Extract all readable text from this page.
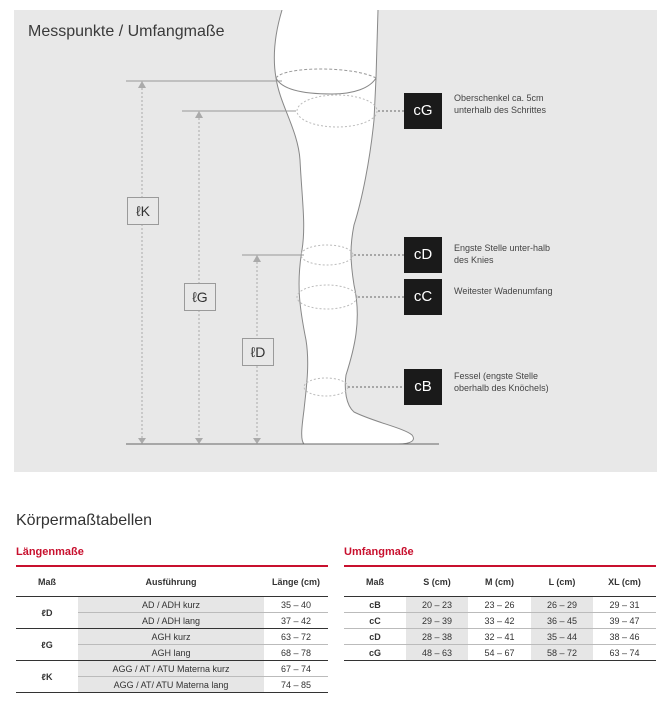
Messpunkte / Umfangmaße
ℓK
ℓG
ℓD
cG
Oberschenkel ca. 5cm unterhalb des Schrittes
cD	Engste Stelle unter-halb des Knies
cC	Weitester Wadenumfang
cB
Fessel (engste Stelle oberhalb des Knöchels)
Körpermaßtabellen
Längenmaße
Maß	Ausführung	Länge (cm)
ℓD	AD / ADH kurz	35 – 40
	AD / ADH lang	37 – 42
ℓG	AGH kurz	63 – 72
	AGH lang	68 – 78
ℓK	AGG / AT / ATU Materna kurz	67 – 74
	AGG / AT/ ATU Materna lang	74 – 85
Umfangmaße
Maß	S (cm)	M (cm)	L (cm)	XL (cm)
cB	20 – 23	23 – 26	26 – 29	29 – 31
cC	29 – 39	33 – 42	36 – 45	39 – 47
cD	28 – 38	32 – 41	35 – 44	38 – 46
cG	48 – 63	54 – 67	58 – 72	63 – 74
